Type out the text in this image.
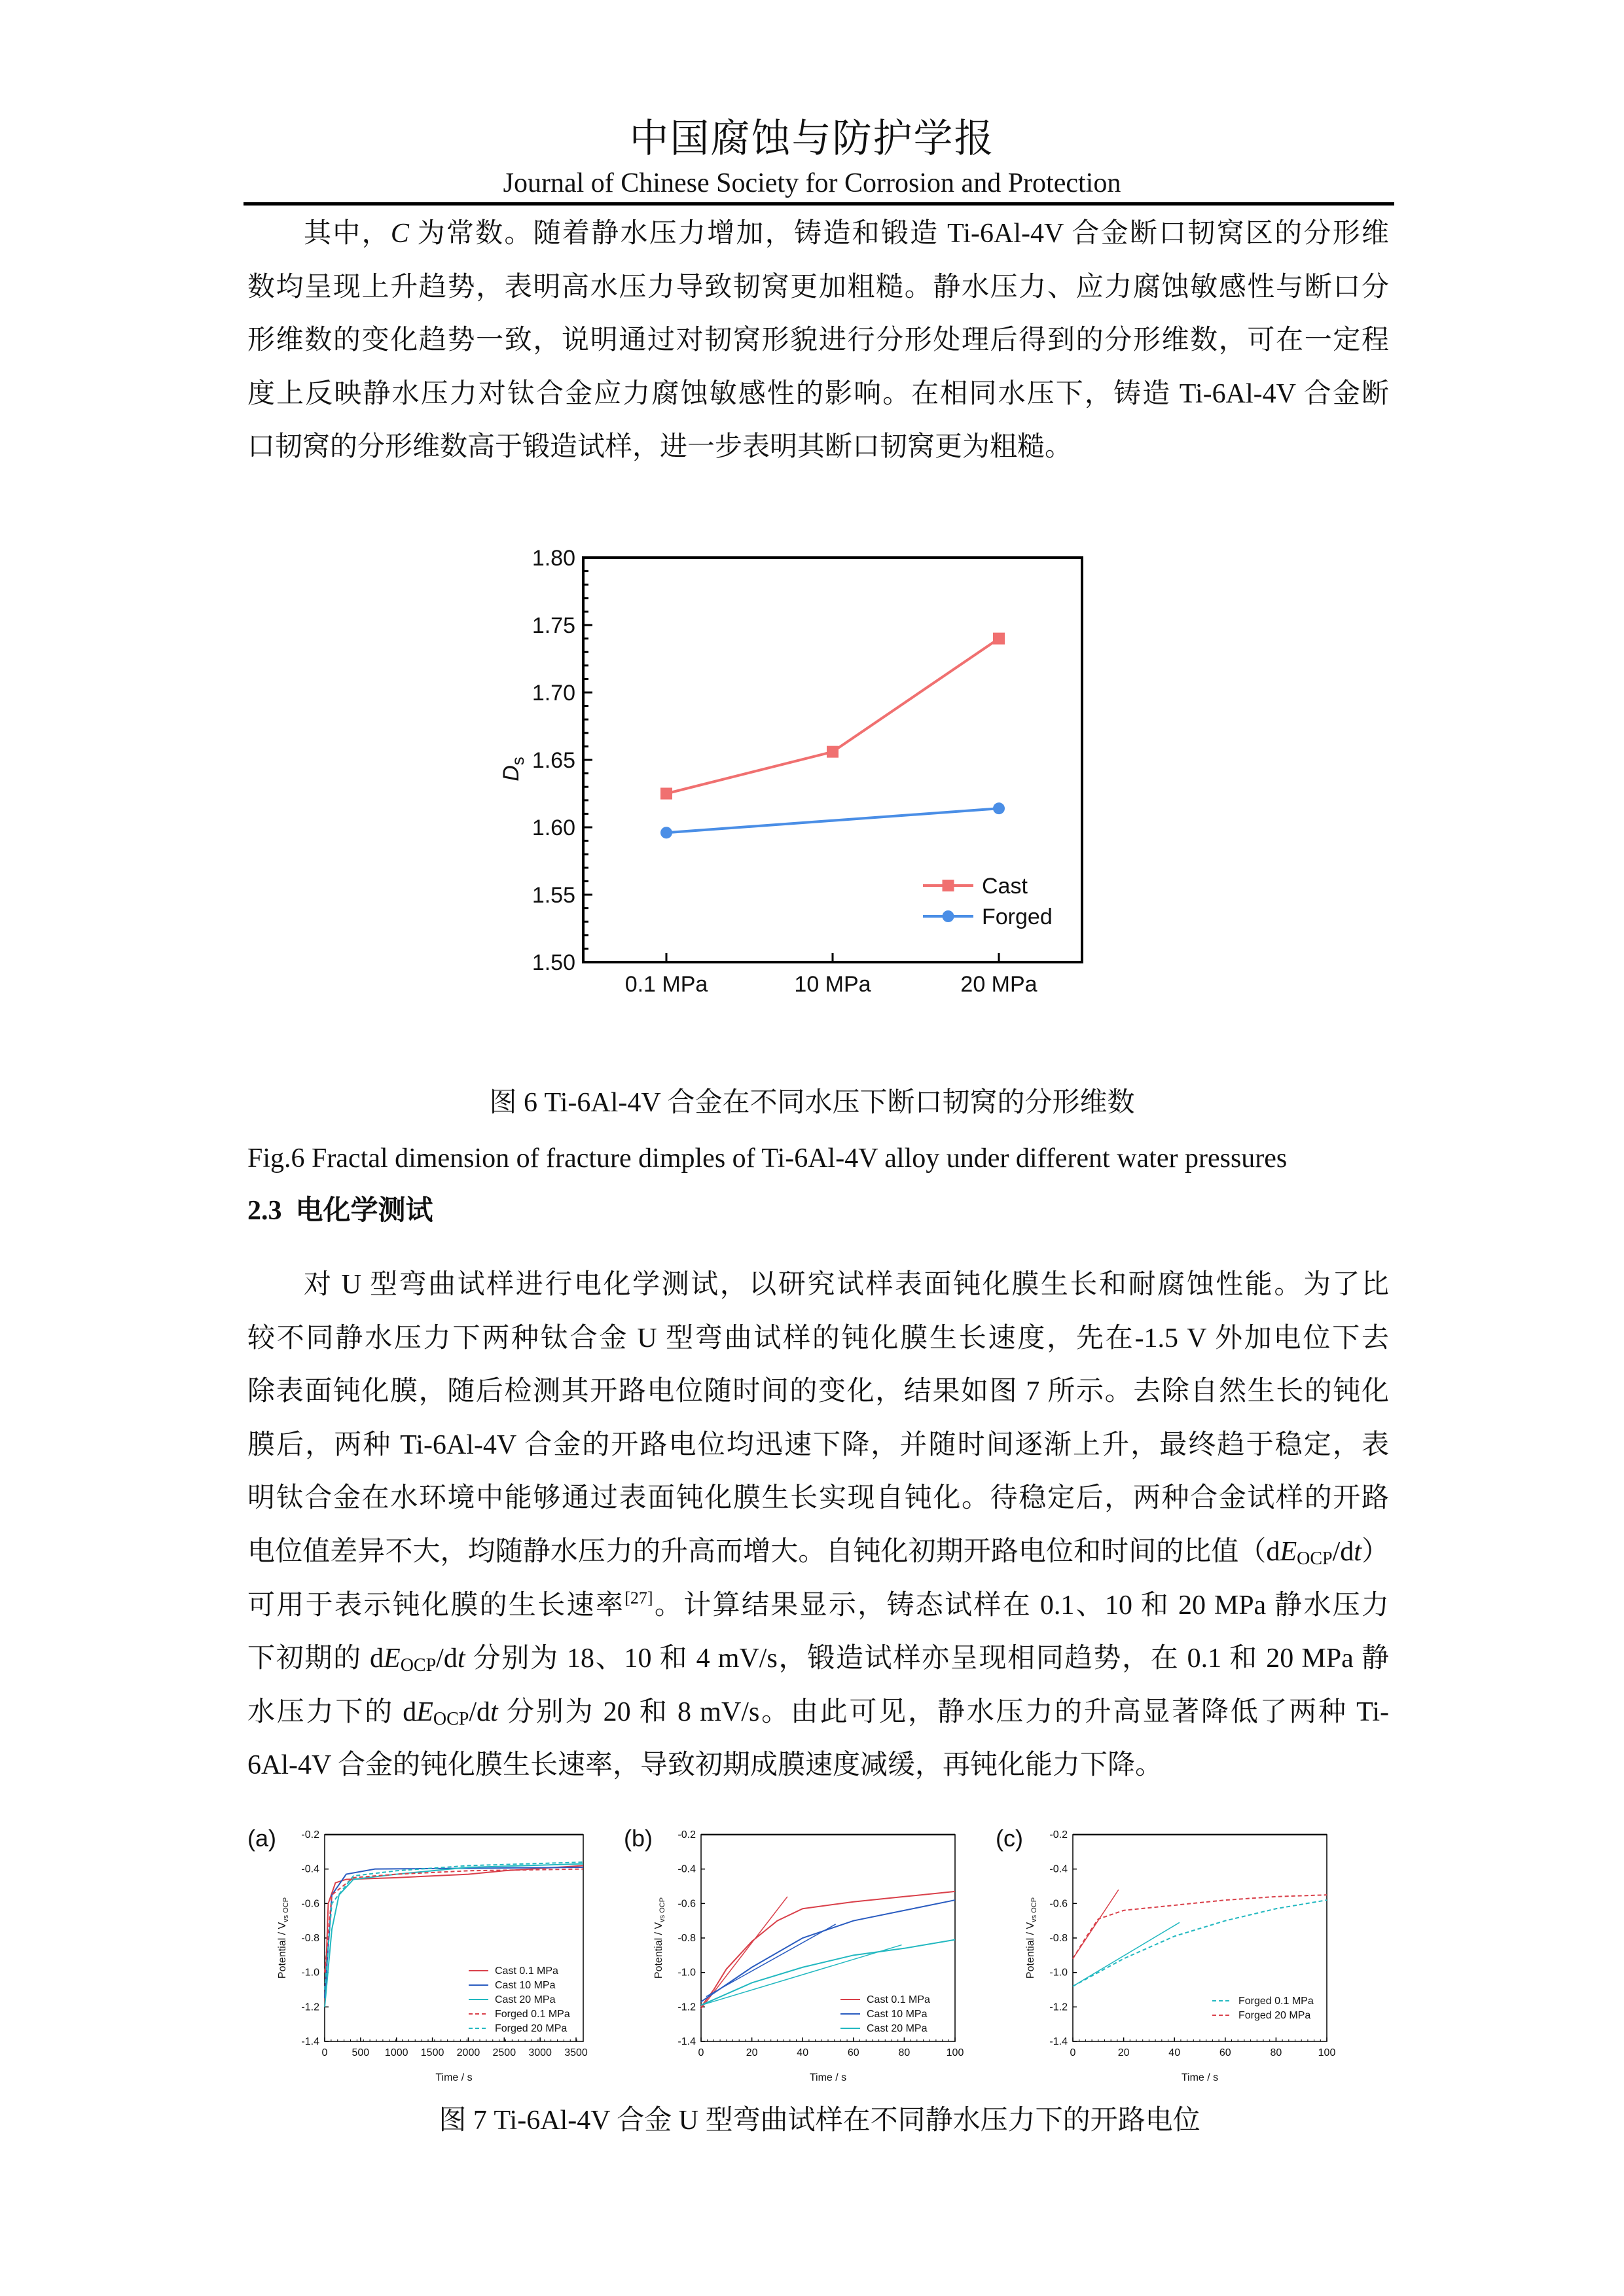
中国腐蚀与防护学报
Journal of Chinese Society for Corrosion and Protection
其中，C 为常数。随着静水压力增加，铸造和锻造 Ti-6Al-4V 合金断口韧窝区的分形维
数均呈现上升趋势，表明高水压力导致韧窝更加粗糙。静水压力、应力腐蚀敏感性与断口分
形维数的变化趋势一致，说明通过对韧窝形貌进行分形处理后得到的分形维数，可在一定程
度上反映静水压力对钛合金应力腐蚀敏感性的影响。在相同水压下，铸造 Ti-6Al-4V 合金断
口韧窝的分形维数高于锻造试样，进一步表明其断口韧窝更为粗糙。
1.50
1.55
1.60
1.65
1.70
1.75
1.80
0.1 MPa	10 MPa	20 MPa
$D_s$
Cast
Forged
(a)
-1.4
-1.2
-1.0
-0.8
-0.6
-0.4
-0.2
0 500 1000 1500 2000 2500 3000 3500
Time / s
Potential / $V_{vs OCP}$
Cast 0.1 MPa
Cast 10 MPa
Cast 20 MPa
Forged 0.1 MPa
Forged 20 MPa
(b)
-1.4
-1.2
-1.0
-0.8
-0.6
-0.4
-0.2
0	20	40	60	80	100
Time / s
Potential / $V_{vs OCP}$
Cast 0.1 MPa
Cast 10 MPa
Cast 20 MPa
(c)
-1.4
-1.2
-1.0
-0.8
-0.6
-0.4
-0.2
0	20	40	60	80	100
Time / s
Potential / $V_{vs OCP}$
Forged 0.1 MPa
Forged 20 MPa
图 6 Ti-6Al-4V 合金在不同水压下断口韧窝的分形维数
Fig.6 Fractal dimension of fracture dimples of Ti-6Al-4V alloy under different water pressures
2.3 电化学测试
对 U 型弯曲试样进行电化学测试，以研究试样表面钝化膜生长和耐腐蚀性能。为了比
较不同静水压力下两种钛合金 U 型弯曲试样的钝化膜生长速度，先在-1.5 V 外加电位下去
除表面钝化膜，随后检测其开路电位随时间的变化，结果如图 7 所示。去除自然生长的钝化
膜后，两种 Ti-6Al-4V 合金的开路电位均迅速下降，并随时间逐渐上升，最终趋于稳定，表
明钛合金在水环境中能够通过表面钝化膜生长实现自钝化。待稳定后，两种合金试样的开路
电位值差异不大，均随静水压力的升高而增大。自钝化初期开路电位和时间的比值$(dE_{OCP}/dt)$
可用于表示钝化膜的生长速率[27]。计算结果显示，铸态试样在 0.1、10 和 20 MPa 静水压力
下初期的 $dE_{OCP}/dt$ 分别为 18、10 和 4 mV/s，锻造试样亦呈现相同趋势，在 0.1 和 20 MPa 静
水压力下的 $dE_{OCP}/dt$ 分别为 20 和 8 mV/s。由此可见，静水压力的升高显著降低了两种 Ti-
6Al-4V 合金的钝化膜生长速率，导致初期成膜速度减缓，再钝化能力下降。
图 7 Ti-6Al-4V 合金 U 型弯曲试样在不同静水压力下的开路电位
